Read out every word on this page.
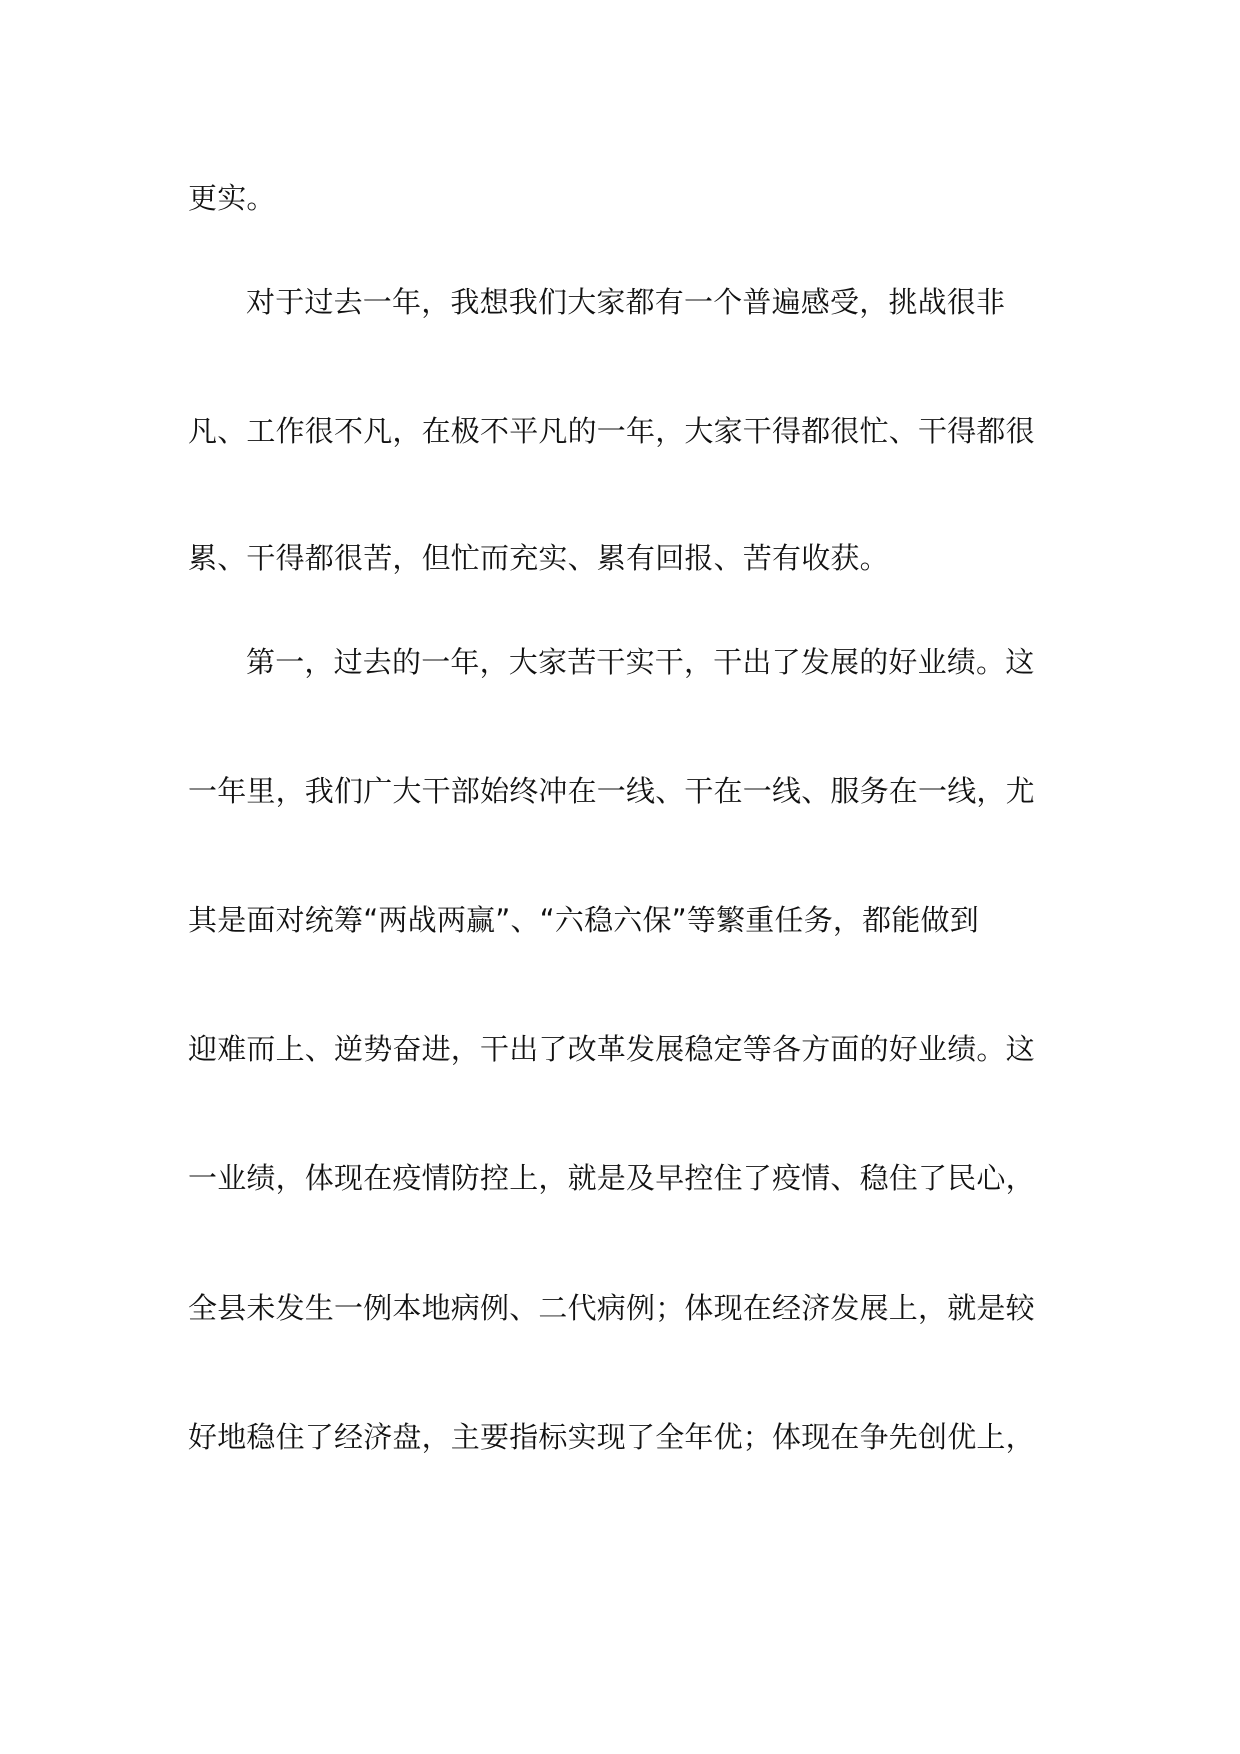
更实。
对于过去一年，我想我们大家都有一个普遍感受，挑战很非
凡、工作很不凡，在极不平凡的一年，大家干得都很忙、干得都很
累、干得都很苦，但忙而充实、累有回报、苦有收获。
第一，过去的一年，大家苦干实干，干出了发展的好业绩。这
一年里，我们广大干部始终冲在一线、干在一线、服务在一线，尤
其是面对统筹“两战两赢”、“六稳六保”等繁重任务，都能做到
迎难而上、逆势奋进，干出了改革发展稳定等各方面的好业绩。这
一业绩，体现在疫情防控上，就是及早控住了疫情、稳住了民心，
全县未发生一例本地病例、二代病例；体现在经济发展上，就是较
好地稳住了经济盘，主要指标实现了全年优；体现在争先创优上，
